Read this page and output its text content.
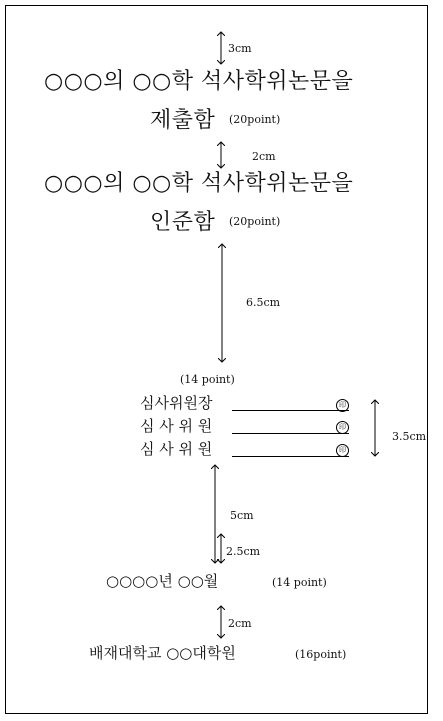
3cm
2cm
6.5cm
3.5cm
5cm
2.5cm
2cm
○○○의 ○○학 석사학위논문을
제출함 (20point)
○○○의 ○○학 석사학위논문을
인준함 (20point)
(14 point)
심사위원장	印
심 사 위 원	印
심 사 위 원	印
○○○○년 ○○월	(14 point)
배재대학교 ○○대학원	(16point)
